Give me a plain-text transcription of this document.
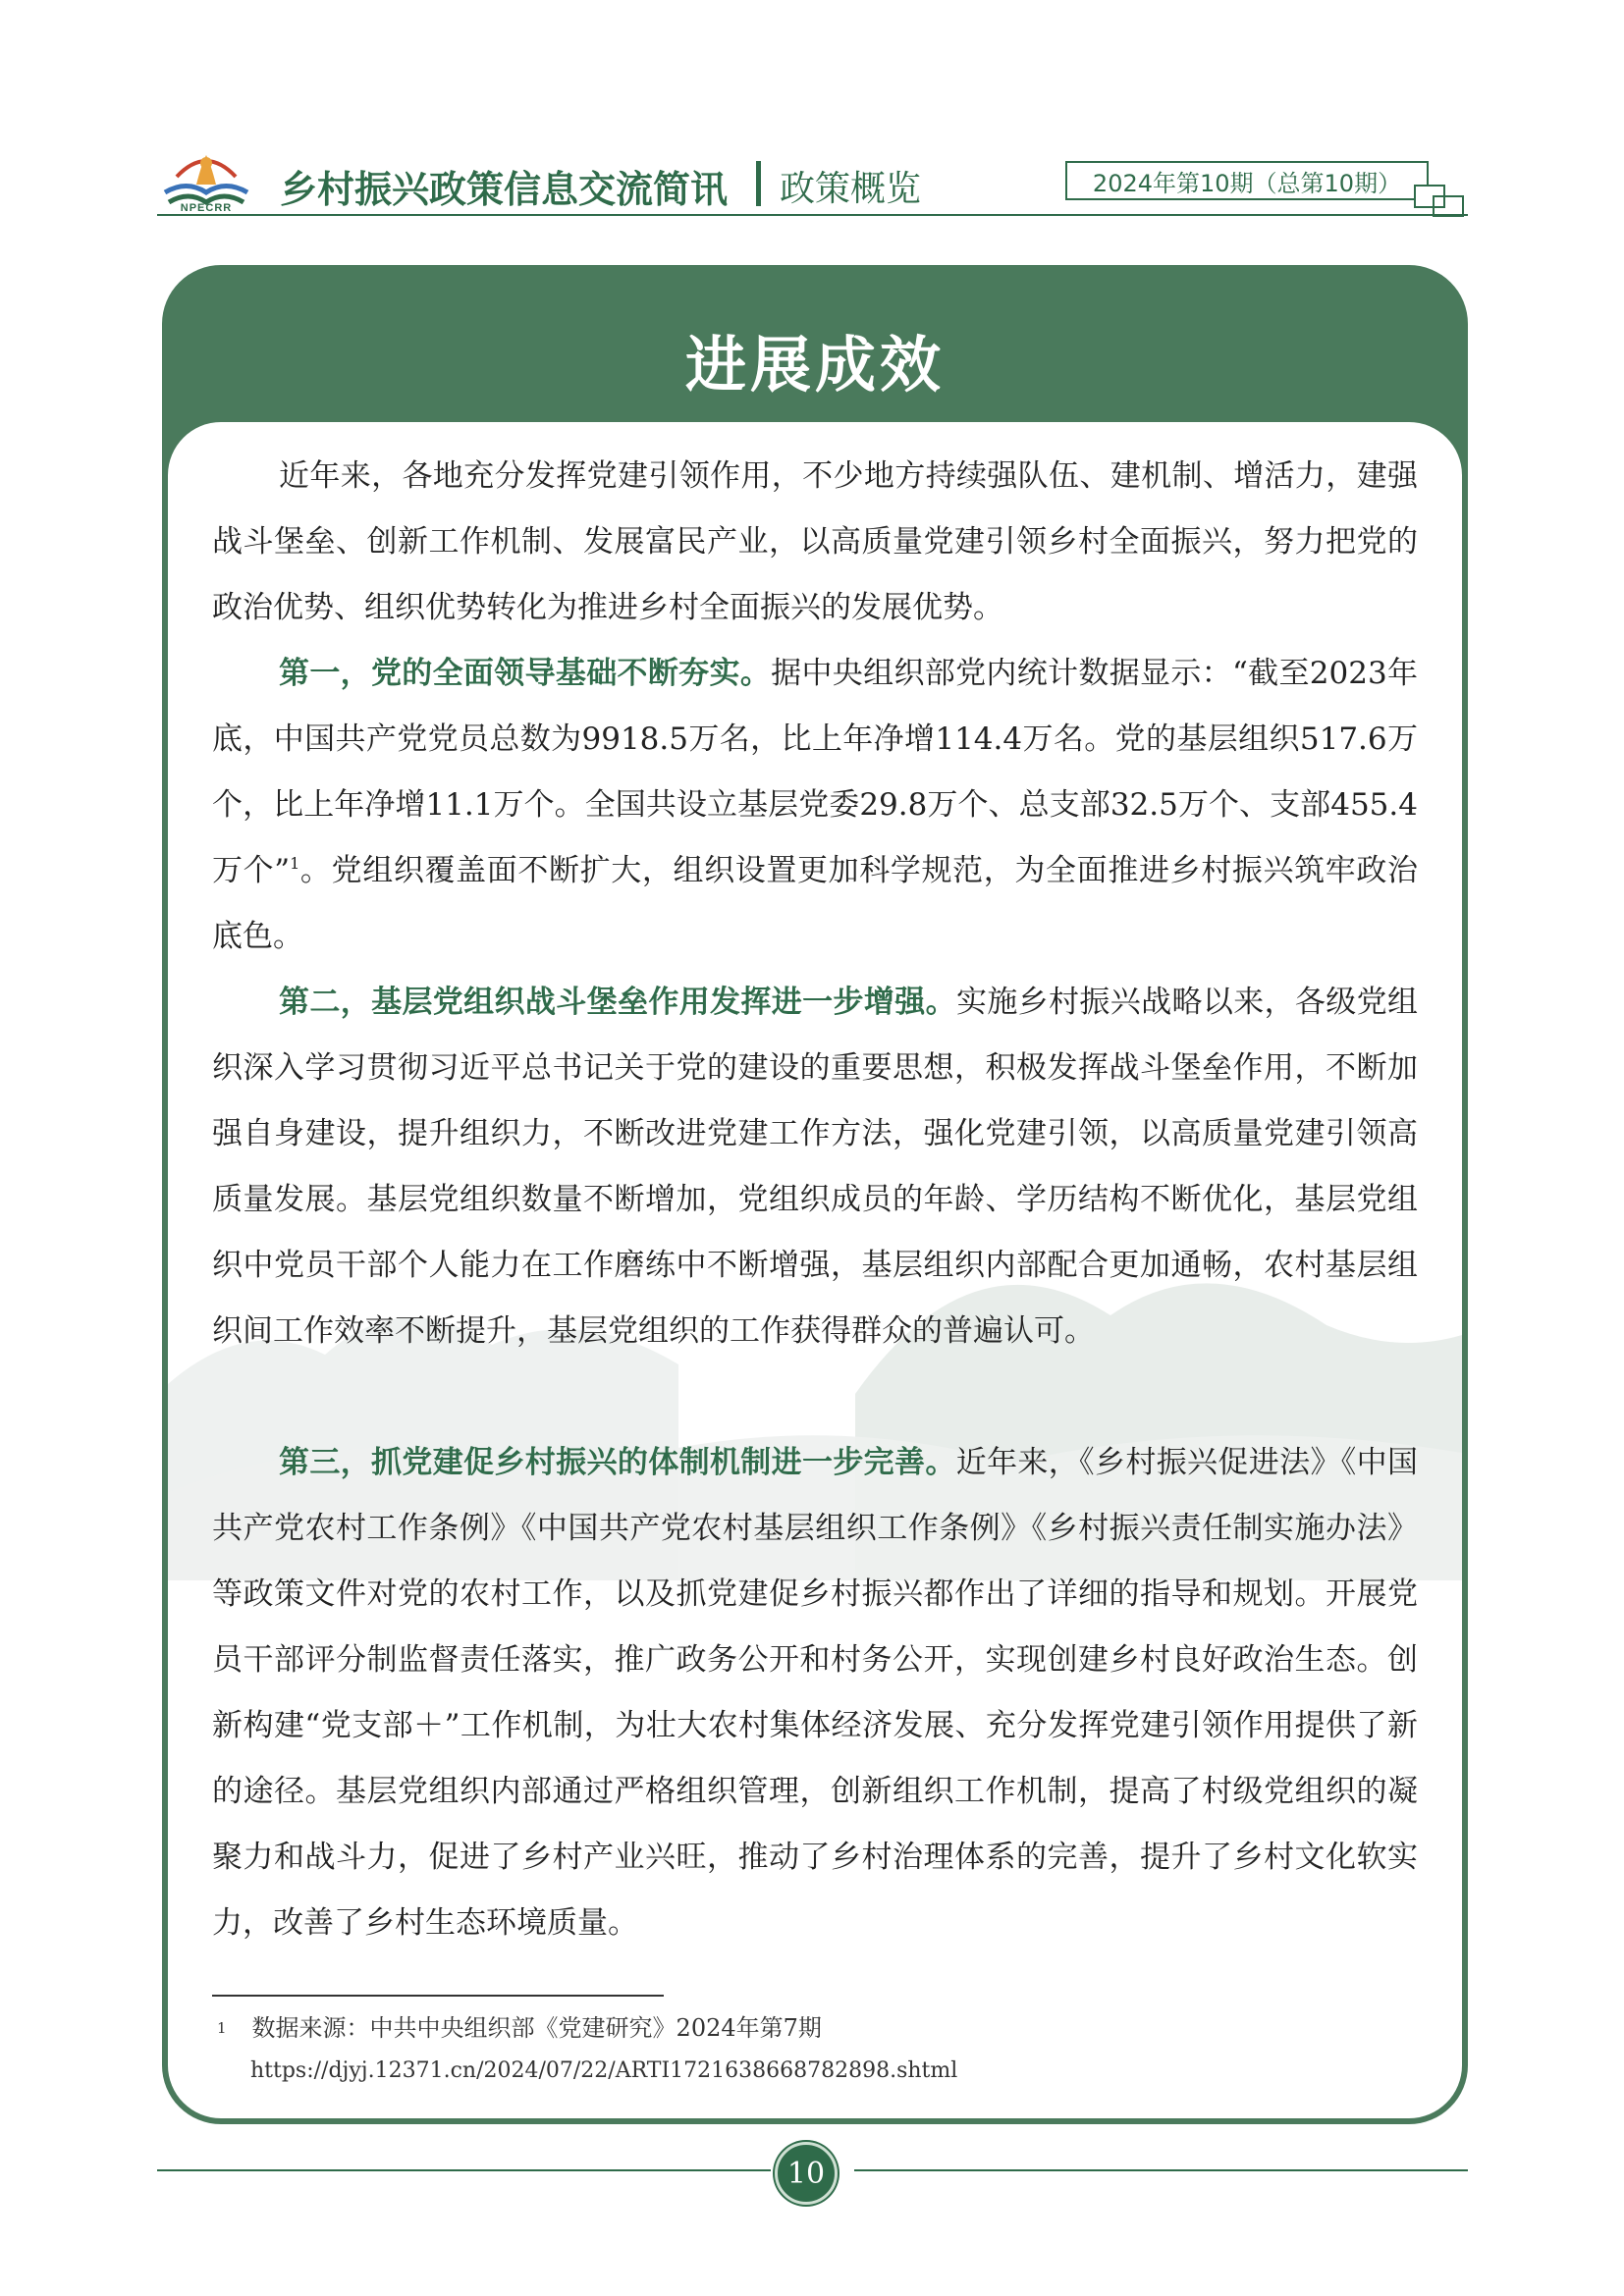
NPECRR	乡村振兴政策信息交流简讯 政策概览	2024年第10期（总第10期）
进展成效

近年来，各地充分发挥党建引领作用，不少地方持续强队伍、建机制、增活力，建强战斗堡垒、创新工作机制、发展富民产业，以高质量党建引领乡村全面振兴，努力把党的政治优势、组织优势转化为推进乡村全面振兴的发展优势。

第一，党的全面领导基础不断夯实。据中央组织部党内统计数据显示：“截至2023年底，中国共产党党员总数为9918.5万名，比上年净增114.4万名。党的基层组织517.6万个，比上年净增11.1万个。全国共设立基层党委29.8万个、总支部32.5万个、支部455.4万个”$^1$。党组织覆盖面不断扩大，组织设置更加科学规范，为全面推进乡村振兴筑牢政治底色。

第二，基层党组织战斗堡垒作用发挥进一步增强。实施乡村振兴战略以来，各级党组织深入学习贯彻习近平总书记关于党的建设的重要思想，积极发挥战斗堡垒作用，不断加强自身建设，提升组织力，不断改进党建工作方法，强化党建引领，以高质量党建引领高质量发展。基层党组织数量不断增加，党组织成员的年龄、学历结构不断优化，基层党组织中党员干部个人能力在工作磨练中不断增强，基层组织内部配合更加通畅，农村基层组织间工作效率不断提升，基层党组织的工作获得群众的普遍认可。

第三，抓党建促乡村振兴的体制机制进一步完善。近年来，《乡村振兴促进法》《中国共产党农村工作条例》《中国共产党农村基层组织工作条例》《乡村振兴责任制实施办法》等政策文件对党的农村工作，以及抓党建促乡村振兴都作出了详细的指导和规划。开展党员干部评分制监督责任落实，推广政务公开和村务公开，实现创建乡村良好政治生态。创新构建“党支部＋”工作机制，为壮大农村集体经济发展、充分发挥党建引领作用提供了新的途径。基层党组织内部通过严格组织管理，创新组织工作机制，提高了村级党组织的凝聚力和战斗力，促进了乡村产业兴旺，推动了乡村治理体系的完善，提升了乡村文化软实力，改善了乡村生态环境质量。

$^1$ 数据来源：中共中央组织部《党建研究》2024年第7期
https://djyj.12371.cn/2024/07/22/ARTI1721638668782898.shtml
10
